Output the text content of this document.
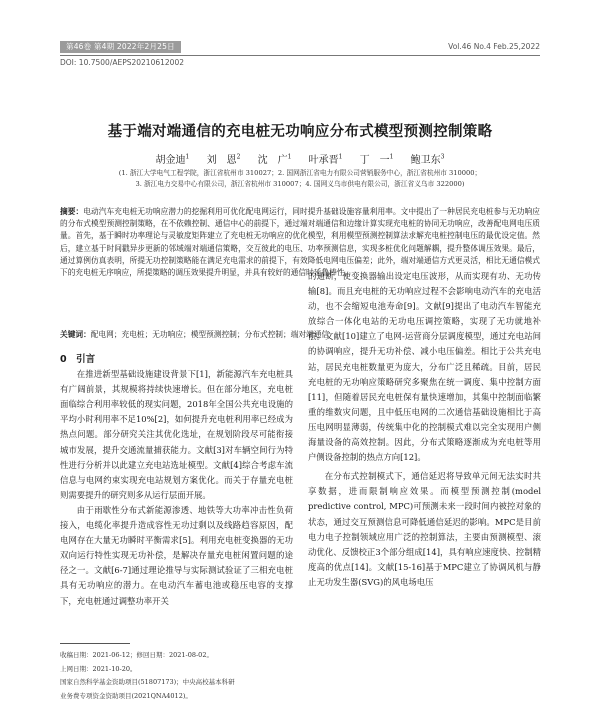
第46卷 第4期 2022年2月25日	Vol.46 No.4 Feb.25,2022
DOI: 10.7500/AEPS20210612002
基于端对端通信的充电桩无功响应分布式模型预测控制策略
胡金迪$^1$ 刘　恩$^2$ 沈　广$^1$ 叶承晋$^1$ 丁　一$^1$ 鲍卫东$^3$
(1. 浙江大学电气工程学院，浙江省杭州市 310027；2. 国网浙江省电力有限公司营销服务中心，浙江省杭州市 310000；
3. 浙江电力交易中心有限公司，浙江省杭州市 310007；4. 国网义乌市供电有限公司，浙江省义乌市 322000)
摘要：电动汽车充电桩无功响应潜力的挖掘利用可优化配电网运行，同时提升基础设施容量利用率。文中提出了一种居民充电桩参与无功响应的分布式模型预测控制策略，在不依赖控制、通信中心的前提下，通过端对端通信和边缘计算实现充电桩的协同无功响应，改善配电网电压质量。首先，基于瞬时功率理论与灵敏度矩阵建立了充电桩无功响应的优化模型，利用模型预测控制算法求解充电桩控制电压的最优设定值。然后，建立基于时间戳异步更新的邻域端对端通信策略，交互彼此的电压、功率预测信息，实现多桩优化问题解耦，提升整体调压效果。最后，通过算例仿真表明，所提无功控制策略能在满足充电需求的前提下，有效降低电网电压偏差；此外，端对端通信方式更灵活，相比无通信模式下的充电桩无序响应，所提策略的调压效果提升明显，并具有较好的通信时延鲁棒性。
关键词：配电网；充电桩；无功响应；模型预测控制；分布式控制；端对端通信

0　引言

在推进新型基础设施建设背景下[1]，新能源汽车充电桩具有广阔前景，其规模将持续快速增长。但在部分地区，充电桩面临综合利用率较低的现实问题，2018年全国公共充电设施的平均小时利用率不足10%[2]，如何提升充电桩利用率已经成为热点问题。部分研究关注其优化选址，在规划阶段尽可能衔接城市发展，提升交通流量捕获能力。文献[3]对车辆空间行为特性进行分析并以此建立充电站选址模型。文献[4]综合考虑车流信息与电网约束实现充电站规划方案优化。而关于存量充电桩则需要提升的研究则多从运行层面开展。

由于雨歇性分布式新能源渗透、地铁等大功率冲击性负荷接入，电缆化率提升造成容性无功过剩以及线路趋容原因，配电网存在大量无功瞬时平衡需求[5]。利用充电桩变换器的无功双向运行特性实现无功补偿，是解决存量充电桩闲置问题的途径之一。文献[6-7]通过理论推导与实际测试验证了三相充电桩具有无功响应的潜力。在电动汽车蓄电池或稳压电容的支撑下，充电桩通过调整功率开关

的通断，使变换器输出设定电压波形，从而实现有功、无功传输[8]。而且充电桩的无功响应过程不会影响电动汽车的充电活动，也不会缩短电池寿命[9]。文献[9]提出了电动汽车智能充放综合一体化电站的无功电压调控策略，实现了无功就地补偿。文献[10]建立了电网-运营商分层调度模型，通过充电站间的协调响应，提升无功补偿、减小电压偏差。相比于公共充电站，居民充电桩数量更为庞大，分布广泛且稀疏。目前，居民充电桩的无功响应策略研究多聚焦在统一调度、集中控制方面[11]，但随着居民充电桩保有量快速增加，其集中控制面临繁重的维数灾问题，且中低压电网的二次通信基础设施相比于高压电网明显薄弱，传统集中化的控制模式难以完全实现用户侧海量设备的高效控制。因此，分布式策略逐渐成为充电桩等用户侧设备控制的热点方向[12]。

在分布式控制模式下，通信延迟将导致单元间无法实时共享数据，进而限制响应效果。而模型预测控制(model predictive control, MPC)可预测未来一段时间内被控对象的状态，通过交互预测信息可降低通信延迟的影响。MPC是目前电力电子控制领域应用广泛的控制算法，主要由预测模型、滚动优化、反馈校正3个部分组成[14]，具有响应速度快、控制精度高的优点[14]。文献[15-16]基于MPC建立了协调风机与静止无功发生器(SVG)的风电场电压

收稿日期：2021-06-12；修回日期：2021-08-02。
上网日期：2021-10-20。
国家自然科学基金资助项目(51807173)；中央高校基本科研
业务费专项资金资助项目(2021QNA4012)。
